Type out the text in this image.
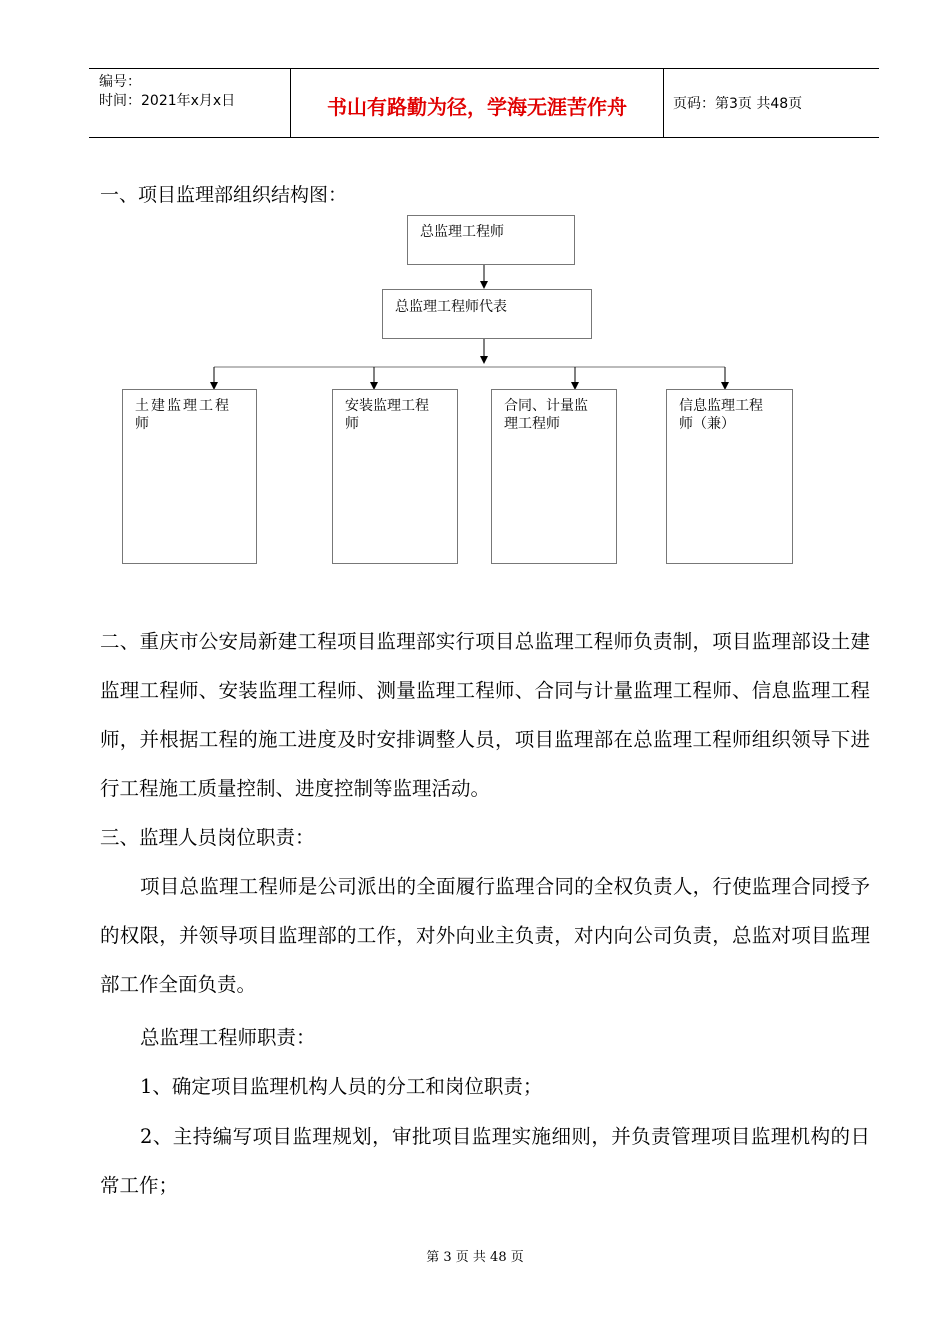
编号：
时间：2021年x月x日	书山有路勤为径，学海无涯苦作舟	页码：第3页 共48页
一、项目监理部组织结构图：
总监理工程师
总监理工程师代表
土建监理工程
师
安装监理工程
师
合同、计量监
理工程师
信息监理工程
师（兼）
二、重庆市公安局新建工程项目监理部实行项目总监理工程师负责制，项目监理部设土建监理工程师、安装监理工程师、测量监理工程师、合同与计量监理工程师、信息监理工程师，并根据工程的施工进度及时安排调整人员，项目监理部在总监理工程师组织领导下进行工程施工质量控制、进度控制等监理活动。
三、监理人员岗位职责：
项目总监理工程师是公司派出的全面履行监理合同的全权负责人，行使监理合同授予的权限，并领导项目监理部的工作，对外向业主负责，对内向公司负责，总监对项目监理部工作全面负责。
总监理工程师职责：
1、确定项目监理机构人员的分工和岗位职责；
2、主持编写项目监理规划，审批项目监理实施细则，并负责管理项目监理机构的日常工作；
第 3 页 共 48 页
